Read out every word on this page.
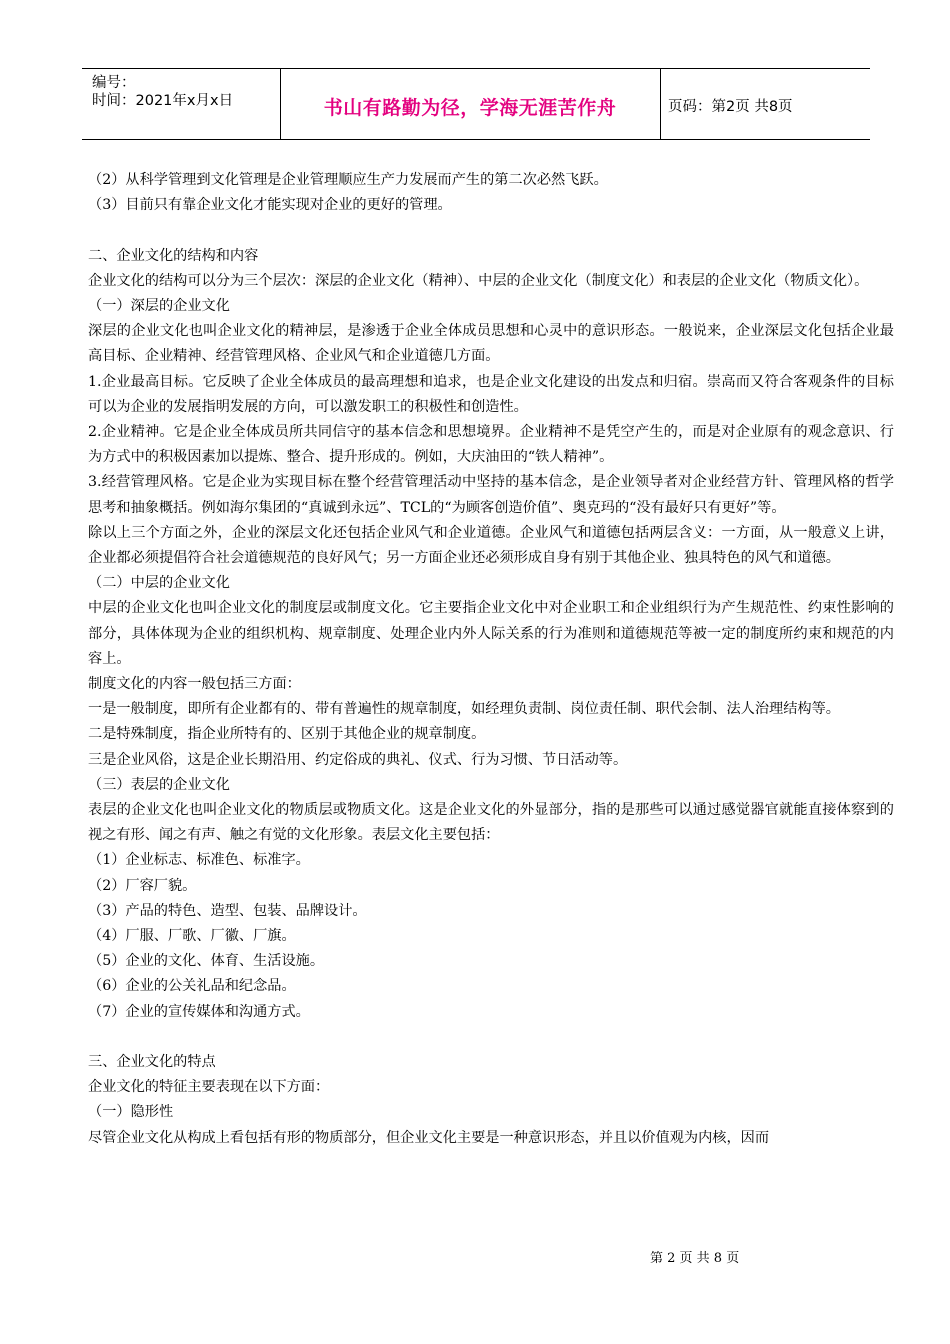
编号：
时间：2021年x月x日	书山有路勤为径，学海无涯苦作舟	页码：第2页 共8页

（2）从科学管理到文化管理是企业管理顺应生产力发展而产生的第二次必然飞跃。

（3）目前只有靠企业文化才能实现对企业的更好的管理。

二、企业文化的结构和内容

企业文化的结构可以分为三个层次：深层的企业文化（精神）、中层的企业文化（制度文化）和表层的企业文化（物质文化）。

（一）深层的企业文化

深层的企业文化也叫企业文化的精神层，是渗透于企业全体成员思想和心灵中的意识形态。一般说来，企业深层文化包括企业最高目标、企业精神、经营管理风格、企业风气和企业道德几方面。

1.企业最高目标。它反映了企业全体成员的最高理想和追求，也是企业文化建设的出发点和归宿。崇高而又符合客观条件的目标可以为企业的发展指明发展的方向，可以激发职工的积极性和创造性。

2.企业精神。它是企业全体成员所共同信守的基本信念和思想境界。企业精神不是凭空产生的，而是对企业原有的观念意识、行为方式中的积极因素加以提炼、整合、提升形成的。例如，大庆油田的“铁人精神”。

3.经营管理风格。它是企业为实现目标在整个经营管理活动中坚持的基本信念，是企业领导者对企业经营方针、管理风格的哲学思考和抽象概括。例如海尔集团的“真诚到永远”、TCL的“为顾客创造价值”、奥克玛的“没有最好只有更好”等。

除以上三个方面之外，企业的深层文化还包括企业风气和企业道德。企业风气和道德包括两层含义：一方面，从一般意义上讲，企业都必须提倡符合社会道德规范的良好风气；另一方面企业还必须形成自身有别于其他企业、独具特色的风气和道德。

（二）中层的企业文化

中层的企业文化也叫企业文化的制度层或制度文化。它主要指企业文化中对企业职工和企业组织行为产生规范性、约束性影响的部分，具体体现为企业的组织机构、规章制度、处理企业内外人际关系的行为准则和道德规范等被一定的制度所约束和规范的内容上。

制度文化的内容一般包括三方面：

一是一般制度，即所有企业都有的、带有普遍性的规章制度，如经理负责制、岗位责任制、职代会制、法人治理结构等。

二是特殊制度，指企业所特有的、区别于其他企业的规章制度。

三是企业风俗，这是企业长期沿用、约定俗成的典礼、仪式、行为习惯、节日活动等。

（三）表层的企业文化

表层的企业文化也叫企业文化的物质层或物质文化。这是企业文化的外显部分，指的是那些可以通过感觉器官就能直接体察到的视之有形、闻之有声、触之有觉的文化形象。表层文化主要包括：

（1）企业标志、标准色、标准字。

（2）厂容厂貌。

（3）产品的特色、造型、包装、品牌设计。

（4）厂服、厂歌、厂徽、厂旗。

（5）企业的文化、体育、生活设施。

（6）企业的公关礼品和纪念品。

（7）企业的宣传媒体和沟通方式。

三、企业文化的特点

企业文化的特征主要表现在以下方面：

（一）隐形性

尽管企业文化从构成上看包括有形的物质部分，但企业文化主要是一种意识形态，并且以价值观为内核，因而

第 2 页 共 8 页
